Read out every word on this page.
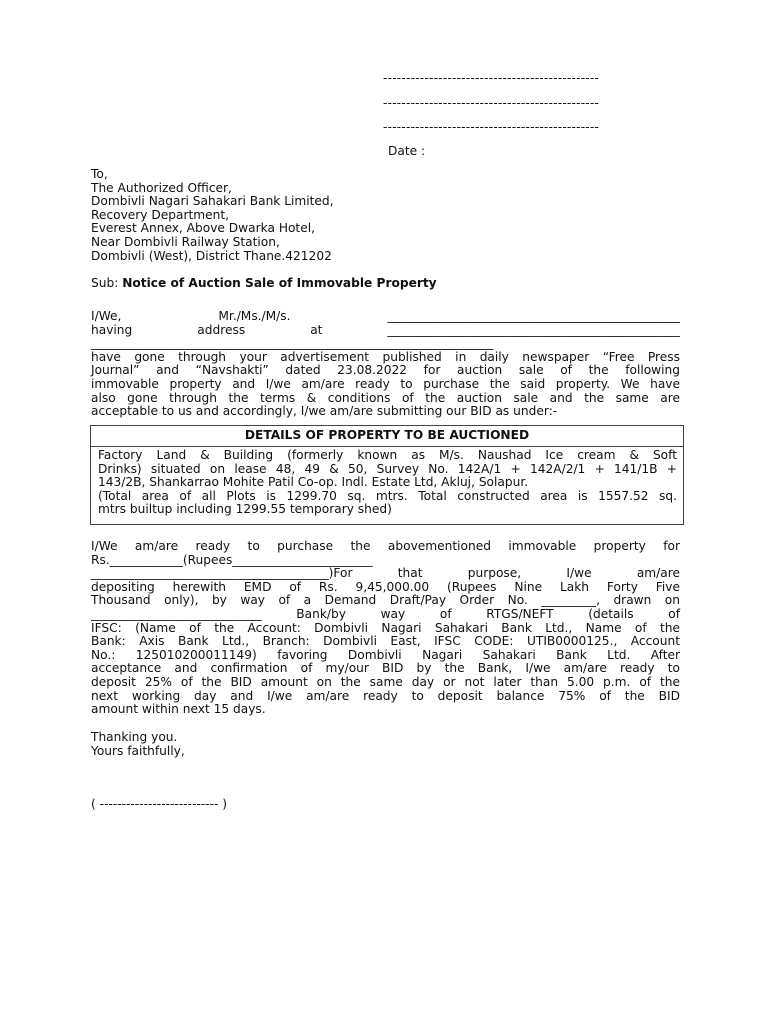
-----------------------------------------------
-----------------------------------------------
-----------------------------------------------
Date :
To,
The Authorized Officer,
Dombivli Nagari Sahakari Bank Limited,
Recovery Department,
Everest Annex, Above Dwarka Hotel,
Near Dombivli Railway Station,
Dombivli (West), District Thane.421202
Sub: Notice of Auction Sale of Immovable Property

I/We, Mr./Ms./M/s. ________________________________________________

having address at ________________________________________________

__________________________________________________________________

have gone through your advertisement published in daily newspaper “Free Press

Journal” and “Navshakti” dated 23.08.2022 for auction sale of the following

immovable property and I/we am/are ready to purchase the said property. We have

also gone through the terms & conditions of the auction sale and the same are

acceptable to us and accordingly, I/we am/are submitting our BID as under:-

DETAILS OF PROPERTY TO BE AUCTIONED

Factory Land & Building (formerly known as M/s. Naushad Ice cream & Soft

Drinks) situated on lease 48, 49 & 50, Survey No. 142A/1 + 142A/2/1 + 141/1B +

143/2B, Shankarrao Mohite Patil Co-op. Indl. Estate Ltd, Akluj, Solapur.

(Total area of all Plots is 1299.70 sq. mtrs. Total constructed area is 1557.52 sq.

mtrs builtup including 1299.55 temporary shed)

I/We am/are ready to purchase the abovementioned immovable property for

Rs.____________(Rupees_______________________

_______________________________________)For that purpose, I/we am/are

depositing herewith EMD of Rs. 9,45,000.00 (Rupees Nine Lakh Forty Five

Thousand only), by way of a Demand Draft/Pay Order No. _________, drawn on

____________________________ Bank/by way of RTGS/NEFT (details of

IFSC: (Name of the Account: Dombivli Nagari Sahakari Bank Ltd., Name of the

Bank: Axis Bank Ltd., Branch: Dombivli East, IFSC CODE: UTIB0000125., Account

No.: 125010200011149) favoring Dombivli Nagari Sahakari Bank Ltd. After

acceptance and confirmation of my/our BID by the Bank, I/we am/are ready to

deposit 25% of the BID amount on the same day or not later than 5.00 p.m. of the

next working day and I/we am/are ready to deposit balance 75% of the BID

amount within next 15 days.

Thanking you.
Yours faithfully,
( --------------------------- )
